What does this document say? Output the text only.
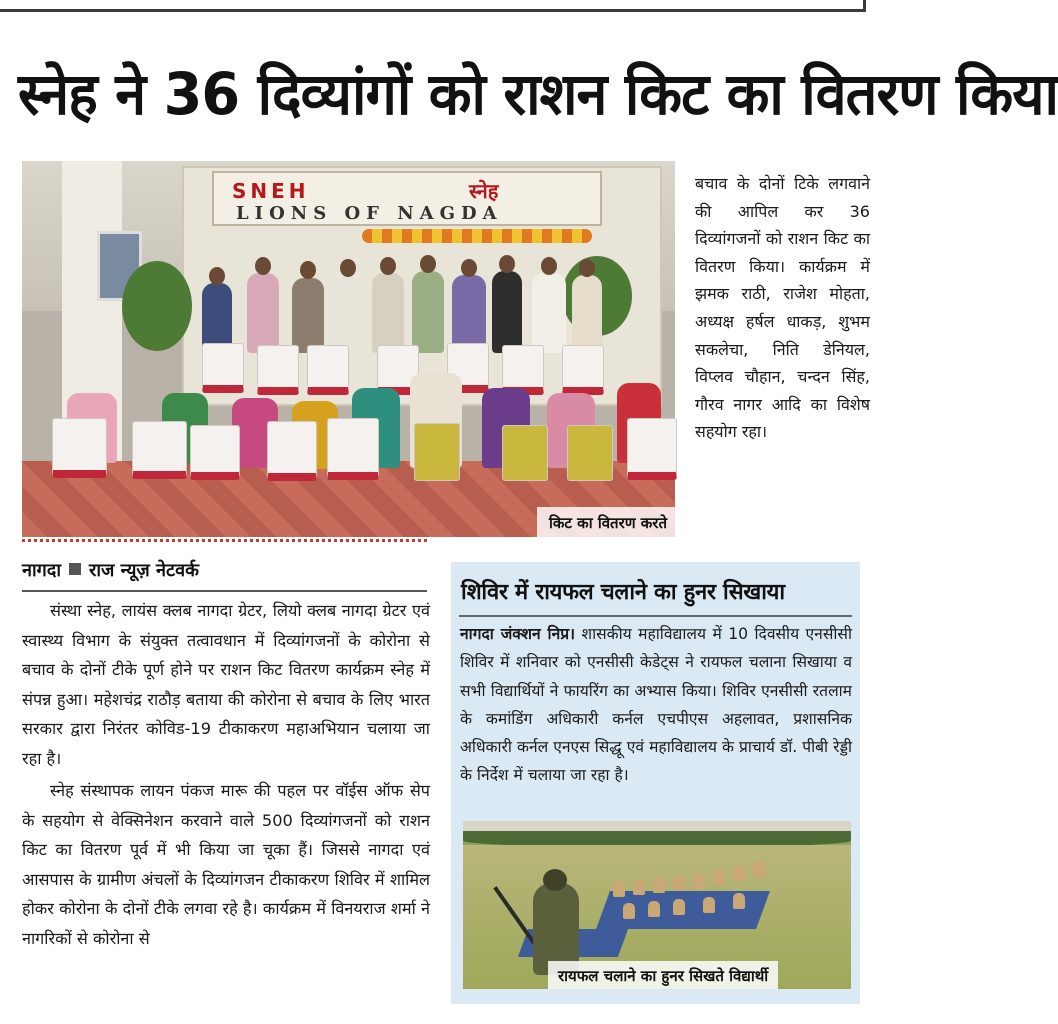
स्नेह ने 36 दिव्यांगों को राशन किट का वितरण किया
SNEH	स्नेह
LIONS OF NAGDA
किट का वितरण करते
बचाव के दोनों टिके लगवाने की आपिल कर 36 दिव्यांगजनों को राशन किट का वितरण किया। कार्यक्रम में झमक राठी, राजेश मोहता, अध्यक्ष हर्षल धाकड़, शुभम सकलेचा, निति डेनियल, विप्लव चौहान, चन्दन सिंह, गौरव नागर आदि का विशेष सहयोग रहा।
नागदा राज न्यूज़ नेटवर्क

संस्था स्नेह, लायंस क्लब नागदा ग्रेटर, लियो क्लब नागदा ग्रेटर एवं स्वास्थ्य विभाग के संयुक्त तत्वावधान में दिव्यांगजनों के कोरोना से बचाव के दोनों टीके पूर्ण होने पर राशन किट वितरण कार्यक्रम स्नेह में संपन्न हुआ। महेशचंद्र राठौड़ बताया की कोरोना से बचाव के लिए भारत सरकार द्वारा निरंतर कोविड-19 टीकाकरण महाअभियान चलाया जा रहा है।

स्नेह संस्थापक लायन पंकज मारू की पहल पर वॉईस ऑफ सेप के सहयोग से वेक्सिनेशन करवाने वाले 500 दिव्यांगजनों को राशन किट का वितरण पूर्व में भी किया जा चूका हैं। जिससे नागदा एवं आसपास के ग्रामीण अंचलों के दिव्यांगजन टीकाकरण शिविर में शामिल होकर कोरोना के दोनों टीके लगवा रहे है। कार्यक्रम में विनयराज शर्मा ने नागरिकों से कोरोना से

शिविर में रायफल चलाने का हुनर सिखाया
नागदा जंक्शन निप्र। शासकीय महाविद्यालय में 10 दिवसीय एनसीसी शिविर में शनिवार को एनसीसी केडेट्स ने रायफल चलाना सिखाया व सभी विद्यार्थियों ने फायरिंग का अभ्यास किया। शिविर एनसीसी रतलाम के कमांडिंग अधिकारी कर्नल एचपीएस अहलावत, प्रशासनिक अधिकारी कर्नल एनएस सिद्धू एवं महाविद्यालय के प्राचार्य डॉ. पीबी रेड्डी के निर्देश में चलाया जा रहा है।
रायफल चलाने का हुनर सिखते विद्यार्थी
